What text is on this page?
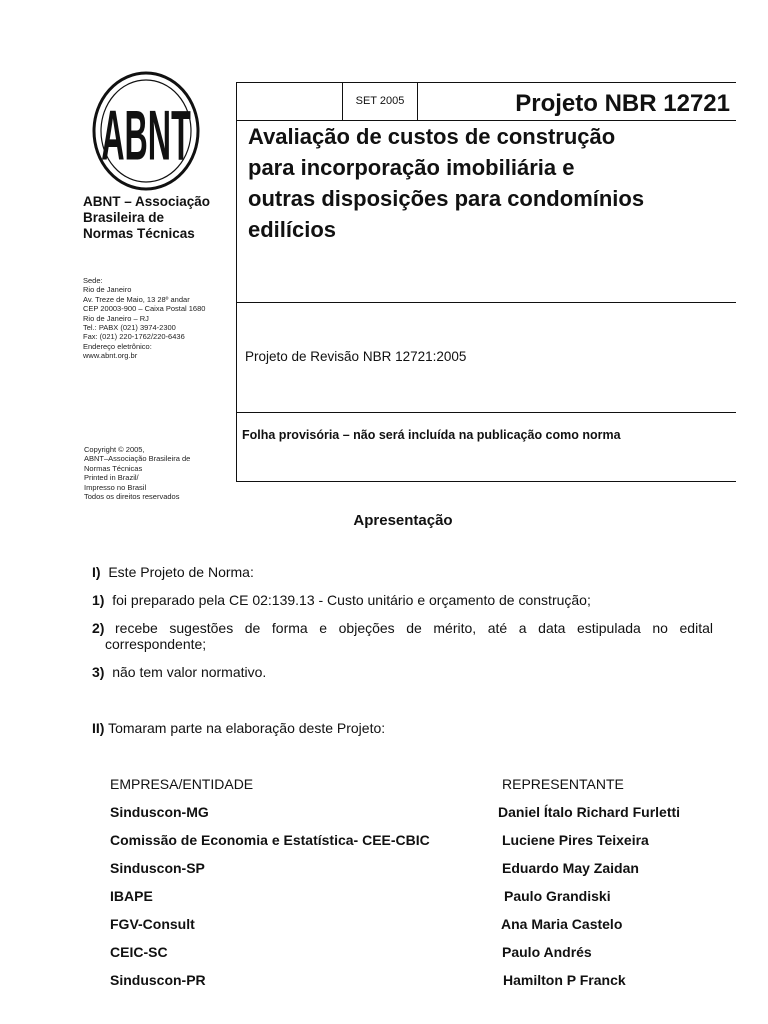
ABNT
ABNT – Associação
Brasileira de
Normas Técnicas
Sede:
Rio de Janeiro
Av. Treze de Maio, 13 28º andar
CEP 20003-900 – Caixa Postal 1680
Rio de Janeiro – RJ
Tel.: PABX (021) 3974-2300
Fax: (021) 220-1762/220-6436
Endereço eletrônico:
www.abnt.org.br
Copyright © 2005,
ABNT–Associação Brasileira de
Normas Técnicas
Printed in Brazil/
Impresso no Brasil
Todos os direitos reservados
SET 2005	Projeto NBR 12721
Avaliação de custos de construção
para incorporação imobiliária e
outras disposições para condomínios
edilícios
Projeto de Revisão NBR 12721:2005
Folha provisória – não será incluída na publicação como norma
Apresentação
I) Este Projeto de Norma:
1) foi preparado pela CE 02:139.13 - Custo unitário e orçamento de construção;
2) recebe sugestões de forma e objeções de mérito, até a data estipulada no edital
correspondente;
3) não tem valor normativo.
II) Tomaram parte na elaboração deste Projeto:
EMPRESA/ENTIDADE	REPRESENTANTE
Sinduscon-MG	Daniel Ítalo Richard Furletti
Comissão de Economia e Estatística- CEE-CBIC	Luciene Pires Teixeira
Sinduscon-SP	Eduardo May Zaidan
IBAPE	Paulo Grandiski
FGV-Consult	Ana Maria Castelo
CEIC-SC	Paulo Andrés
Sinduscon-PR	Hamilton P Franck
